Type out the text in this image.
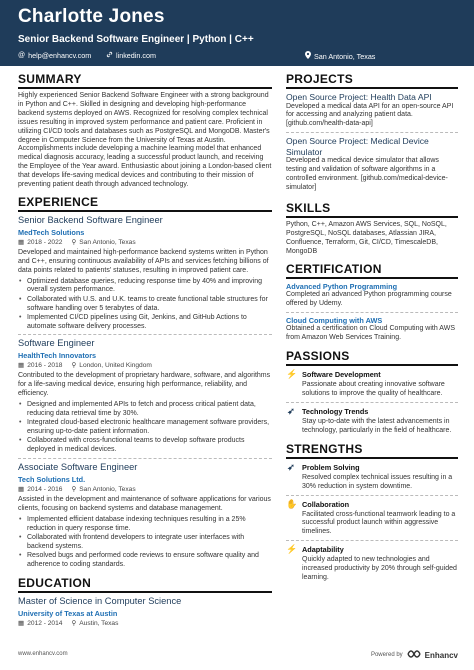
Charlotte Jones
Senior Backend Software Engineer | Python | C++
@ help@enhancv.com	linkedin.com	San Antonio, Texas
SUMMARY
Highly experienced Senior Backend Software Engineer with a strong background in Python and C++. Skilled in designing and developing high-performance backend systems deployed on AWS. Recognized for resolving complex technical issues resulting in improved system performance and patient care. Proficient in utilizing CI/CD tools and databases such as PostgreSQL and MongoDB. Master's degree in Computer Science from the University of Texas at Austin. Accomplishments include developing a machine learning model that enhanced medical diagnosis accuracy, leading a successful product launch, and receiving the Employee of the Year award. Enthusiastic about joining a London-based client that develops life-saving medical devices and contributing to their mission of preventing patient death through advanced technology.
EXPERIENCE
Senior Backend Software Engineer
MedTech Solutions
▦ 2018 - 2022 ⚲ San Antonio, Texas
Developed and maintained high-performance backend systems written in Python and C++, ensuring continuous availability of APIs and services fetching billions of data points related to patients' statuses, resulting in improved patient care.
• Optimized database queries, reducing response time by 40% and improving overall system performance.
• Collaborated with U.S. and U.K. teams to create functional table structures for software handling over 5 terabytes of data.
• Implemented CI/CD pipelines using Git, Jenkins, and GitHub Actions to automate software delivery processes.
Software Engineer
HealthTech Innovators
▦ 2016 - 2018 ⚲ London, United Kingdom
Contributed to the development of proprietary hardware, software, and algorithms for a life-saving medical device, ensuring high performance, reliability, and efficiency.
• Designed and implemented APIs to fetch and process critical patient data, reducing data retrieval time by 30%.
• Integrated cloud-based electronic healthcare management software providers, ensuring up-to-date patient information.
• Collaborated with cross-functional teams to develop software products deployed in medical devices.
Associate Software Engineer
Tech Solutions Ltd.
▦ 2014 - 2016 ⚲ San Antonio, Texas
Assisted in the development and maintenance of software applications for various clients, focusing on backend systems and database management.
• Implemented efficient database indexing techniques resulting in a 25% reduction in query response time.
• Collaborated with frontend developers to integrate user interfaces with backend systems.
• Resolved bugs and performed code reviews to ensure software quality and adherence to coding standards.
EDUCATION
Master of Science in Computer Science
University of Texas at Austin
▦ 2012 - 2014 ⚲ Austin, Texas
PROJECTS
Open Source Project: Health Data API
Developed a medical data API for an open-source API for accessing and analyzing patient data. [github.com/health-data-api]
Open Source Project: Medical Device Simulator
Developed a medical device simulator that allows testing and validation of software algorithms in a controlled environment. [github.com/medical-device-simulator]
SKILLS
Python, C++, Amazon AWS Services, SQL, NoSQL, PostgreSQL, NoSQL databases, Atlassian JIRA, Confluence, Terraform, Git, CI/CD, TimescaleDB, MongoDB
CERTIFICATION
Advanced Python Programming
Completed an advanced Python programming course offered by Udemy.
Cloud Computing with AWS
Obtained a certification on Cloud Computing with AWS from Amazon Web Services Training.
PASSIONS
⚡ Software Development
Passionate about creating innovative software solutions to improve the quality of healthcare.
➶ Technology Trends
Stay up-to-date with the latest advancements in technology, particularly in the field of healthcare.
STRENGTHS
➶ Problem Solving
Resolved complex technical issues resulting in a 30% reduction in system downtime.
✋ Collaboration
Facilitated cross-functional teamwork leading to a successful product launch within aggressive timelines.
⚡ Adaptability
Quickly adapted to new technologies and increased productivity by 20% through self-guided learning.
www.enhancv.com	Powered by	Enhancv
